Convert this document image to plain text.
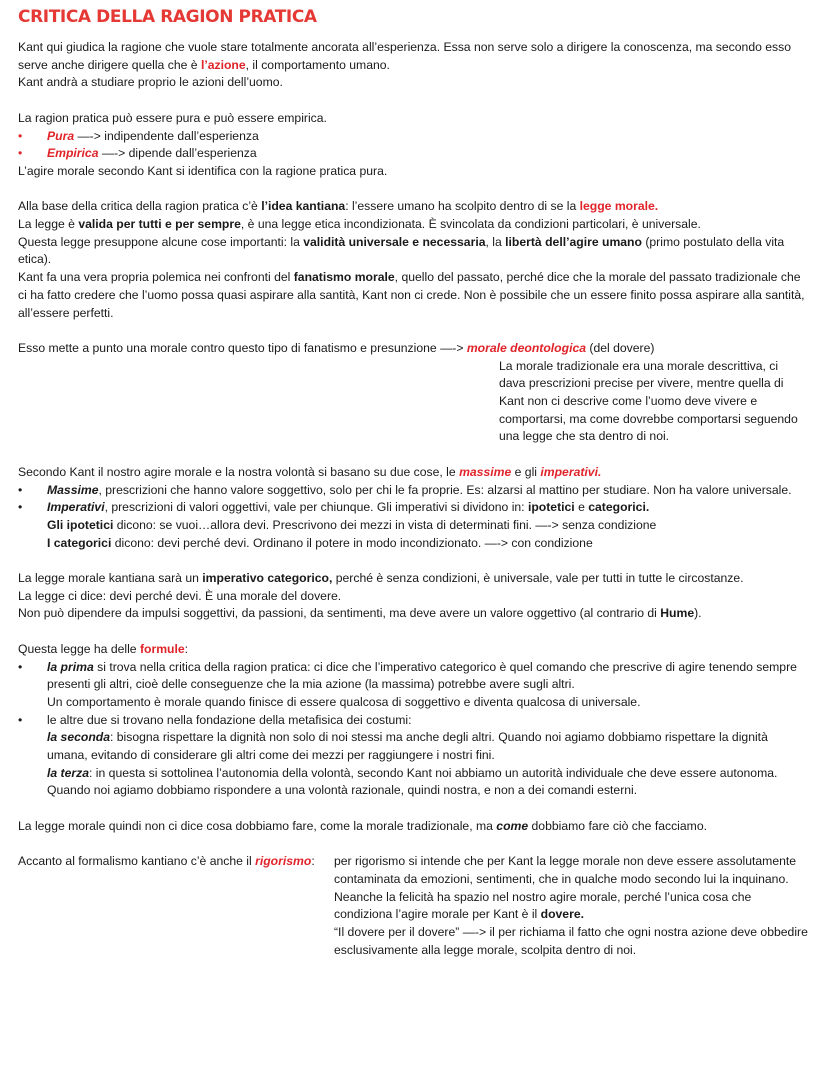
CRITICA DELLA RAGION PRATICA

Kant qui giudica la ragione che vuole stare totalmente ancorata all’esperienza. Essa non serve solo a dirigere la conoscenza, ma secondo esso serve anche dirigere quella che è l’azione, il comportamento umano.

Kant andrà a studiare proprio le azioni dell’uomo.

La ragion pratica può essere pura e può essere empirica.

• Pura —-> indipendente dall’esperienza
• Empirica —-> dipende dall’esperienza

L’agire morale secondo Kant si identifica con la ragione pratica pura.

Alla base della critica della ragion pratica c’è l’idea kantiana: l’essere umano ha scolpito dentro di se la legge morale.
La legge è valida per tutti e per sempre, è una legge etica incondizionata. È svincolata da condizioni particolari, è universale.
Questa legge presuppone alcune cose importanti: la validità universale e necessaria, la libertà dell’agire umano (primo postulato della vita etica).
Kant fa una vera propria polemica nei confronti del fanatismo morale, quello del passato, perché dice che la morale del passato tradizionale che ci ha fatto credere che l’uomo possa quasi aspirare alla santità, Kant non ci crede. Non è possibile che un essere finito possa aspirare alla santità, all’essere perfetti.

Esso mette a punto una morale contro questo tipo di fanatismo e presunzione —-> morale deontologica (del dovere)

La morale tradizionale era una morale descrittiva, ci dava prescrizioni precise per vivere, mentre quella di Kant non ci descrive come l’uomo deve vivere e comportarsi, ma come dovrebbe comportarsi seguendo una legge che sta dentro di noi.

Secondo Kant il nostro agire morale e la nostra volontà si basano su due cose, le massime e gli imperativi.

• Massime, prescrizioni che hanno valore soggettivo, solo per chi le fa proprie. Es: alzarsi al mattino per studiare. Non ha valore universale.
• Imperativi, prescrizioni di valori oggettivi, vale per chiunque. Gli imperativi si dividono in: ipotetici e categorici.
Gli ipotetici dicono: se vuoi…allora devi. Prescrivono dei mezzi in vista di determinati fini. —-> senza condizione
I categorici dicono: devi perché devi. Ordinano il potere in modo incondizionato. —-> con condizione

La legge morale kantiana sarà un imperativo categorico, perché è senza condizioni, è universale, vale per tutti in tutte le circostanze.
La legge ci dice: devi perché devi. È una morale del dovere.
Non può dipendere da impulsi soggettivi, da passioni, da sentimenti, ma deve avere un valore oggettivo (al contrario di Hume).

Questa legge ha delle formule:

• la prima si trova nella critica della ragion pratica: ci dice che l’imperativo categorico è quel comando che prescrive di agire tenendo sempre presenti gli altri, cioè delle conseguenze che la mia azione (la massima) potrebbe avere sugli altri.
Un comportamento è morale quando finisce di essere qualcosa di soggettivo e diventa qualcosa di universale.
• le altre due si trovano nella fondazione della metafisica dei costumi:
la seconda: bisogna rispettare la dignità non solo di noi stessi ma anche degli altri. Quando noi agiamo dobbiamo rispettare la dignità umana, evitando di considerare gli altri come dei mezzi per raggiungere i nostri fini.
la terza: in questa si sottolinea l’autonomia della volontà, secondo Kant noi abbiamo un autorità individuale che deve essere autonoma. Quando noi agiamo dobbiamo rispondere a una volontà razionale, quindi nostra, e non a dei comandi esterni.

La legge morale quindi non ci dice cosa dobbiamo fare, come la morale tradizionale, ma come dobbiamo fare ciò che facciamo.

Accanto al formalismo kantiano c’è anche il rigorismo:	per rigorismo si intende che per Kant la legge morale non deve essere assolutamente contaminata da emozioni, sentimenti, che in qualche modo secondo lui la inquinano.
Neanche la felicità ha spazio nel nostro agire morale, perché l’unica cosa che condiziona l’agire morale per Kant è il dovere.
“Il dovere per il dovere” —-> il per richiama il fatto che ogni nostra azione deve obbedire esclusivamente alla legge morale, scolpita dentro di noi.
